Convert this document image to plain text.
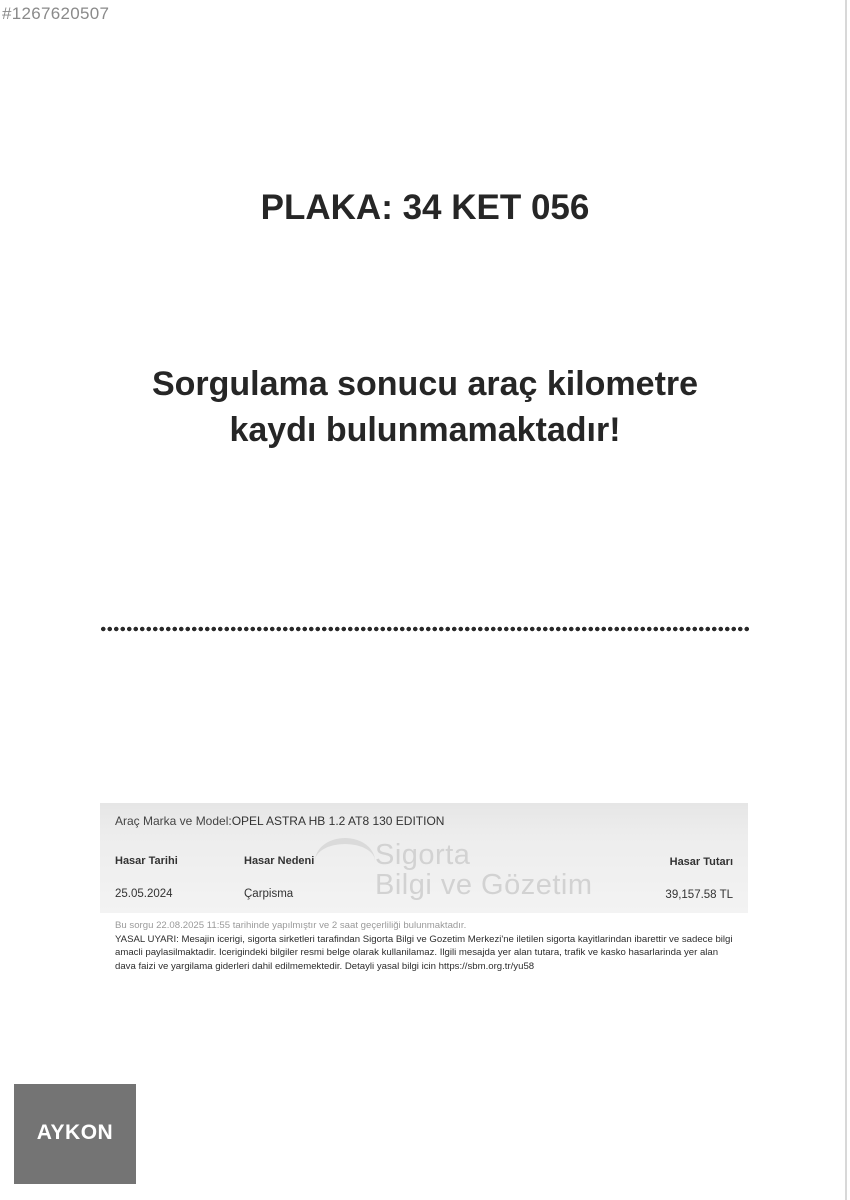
#1267620507
PLAKA: 34 KET 056
Sorgulama sonucu araç kilometre
kaydı bulunmamaktadır!
Sigorta
Bilgi ve Gözetim
Araç Marka ve Model:OPEL ASTRA HB 1.2 AT8 130 EDITION
Hasar Tarihi	Hasar Nedeni	Hasar Tutarı
25.05.2024	Çarpisma	39,157.58 TL
Bu sorgu 22.08.2025 11:55 tarihinde yapılmıştır ve 2 saat geçerliliği bulunmaktadır.
YASAL UYARI: Mesajin icerigi, sigorta sirketleri tarafindan Sigorta Bilgi ve Gozetim Merkezi'ne iletilen sigorta kayitlarindan ibarettir ve sadece bilgi amacli paylasilmaktadir. Icerigindeki bilgiler resmi belge olarak kullanilamaz. Ilgili mesajda yer alan tutara, trafik ve kasko hasarlarinda yer alan dava faizi ve yargilama giderleri dahil edilmemektedir. Detayli yasal bilgi icin https://sbm.org.tr/yu58
AYKON
